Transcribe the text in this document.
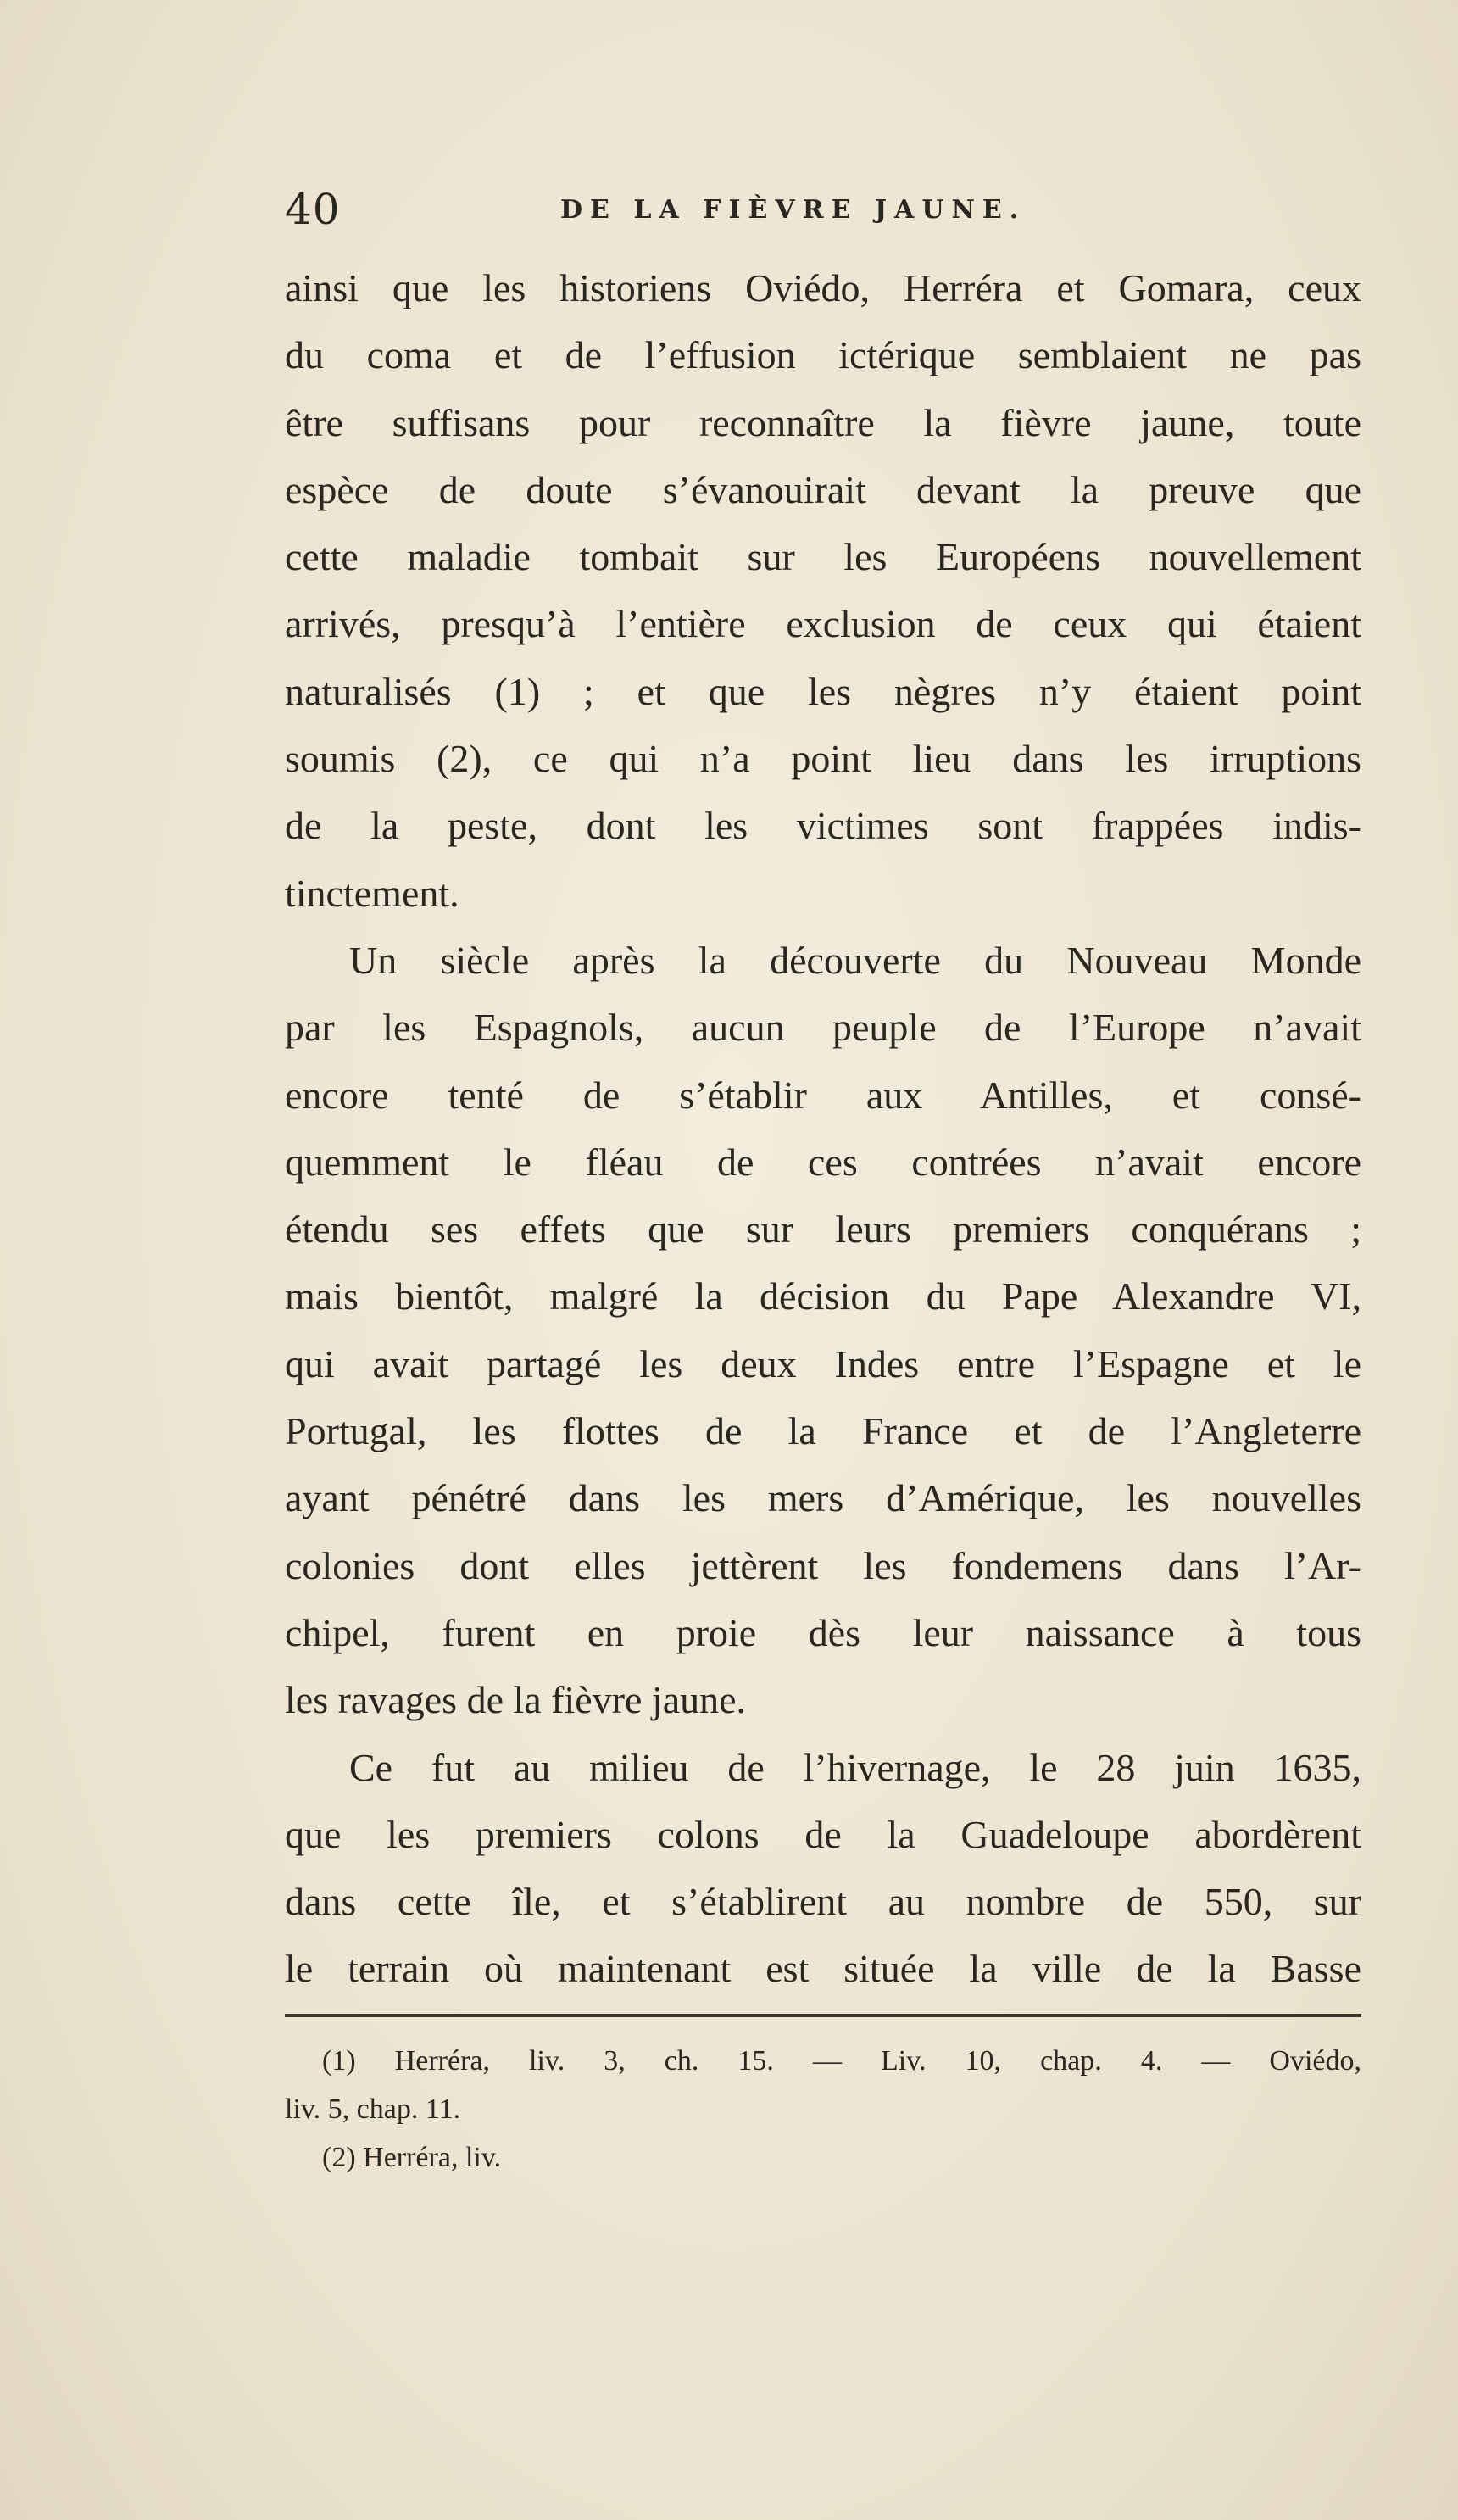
40	DE LA FIÈVRE JAUNE.
ainsi que les historiens Oviédo, Herréra et Gomara, ceux
du coma et de l’effusion ictérique semblaient ne pas
être suffisans pour reconnaître la fièvre jaune, toute
espèce de doute s’évanouirait devant la preuve que
cette maladie tombait sur les Européens nouvellement
arrivés, presqu’à l’entière exclusion de ceux qui étaient
naturalisés (1) ; et que les nègres n’y étaient point
soumis (2), ce qui n’a point lieu dans les irruptions
de la peste, dont les victimes sont frappées indis-
tinctement.
Un siècle après la découverte du Nouveau Monde
par les Espagnols, aucun peuple de l’Europe n’avait
encore tenté de s’établir aux Antilles, et consé-
quemment le fléau de ces contrées n’avait encore
étendu ses effets que sur leurs premiers conquérans ;
mais bientôt, malgré la décision du Pape Alexandre VI,
qui avait partagé les deux Indes entre l’Espagne et le
Portugal, les flottes de la France et de l’Angleterre
ayant pénétré dans les mers d’Amérique, les nouvelles
colonies dont elles jettèrent les fondemens dans l’Ar-
chipel, furent en proie dès leur naissance à tous
les ravages de la fièvre jaune.
Ce fut au milieu de l’hivernage, le 28 juin 1635,
que les premiers colons de la Guadeloupe abordèrent
dans cette île, et s’établirent au nombre de 550, sur
le terrain où maintenant est située la ville de la Basse
(1) Herréra, liv. 3, ch. 15. — Liv. 10, chap. 4. — Oviédo,
liv. 5, chap. 11.
(2) Herréra, liv.
